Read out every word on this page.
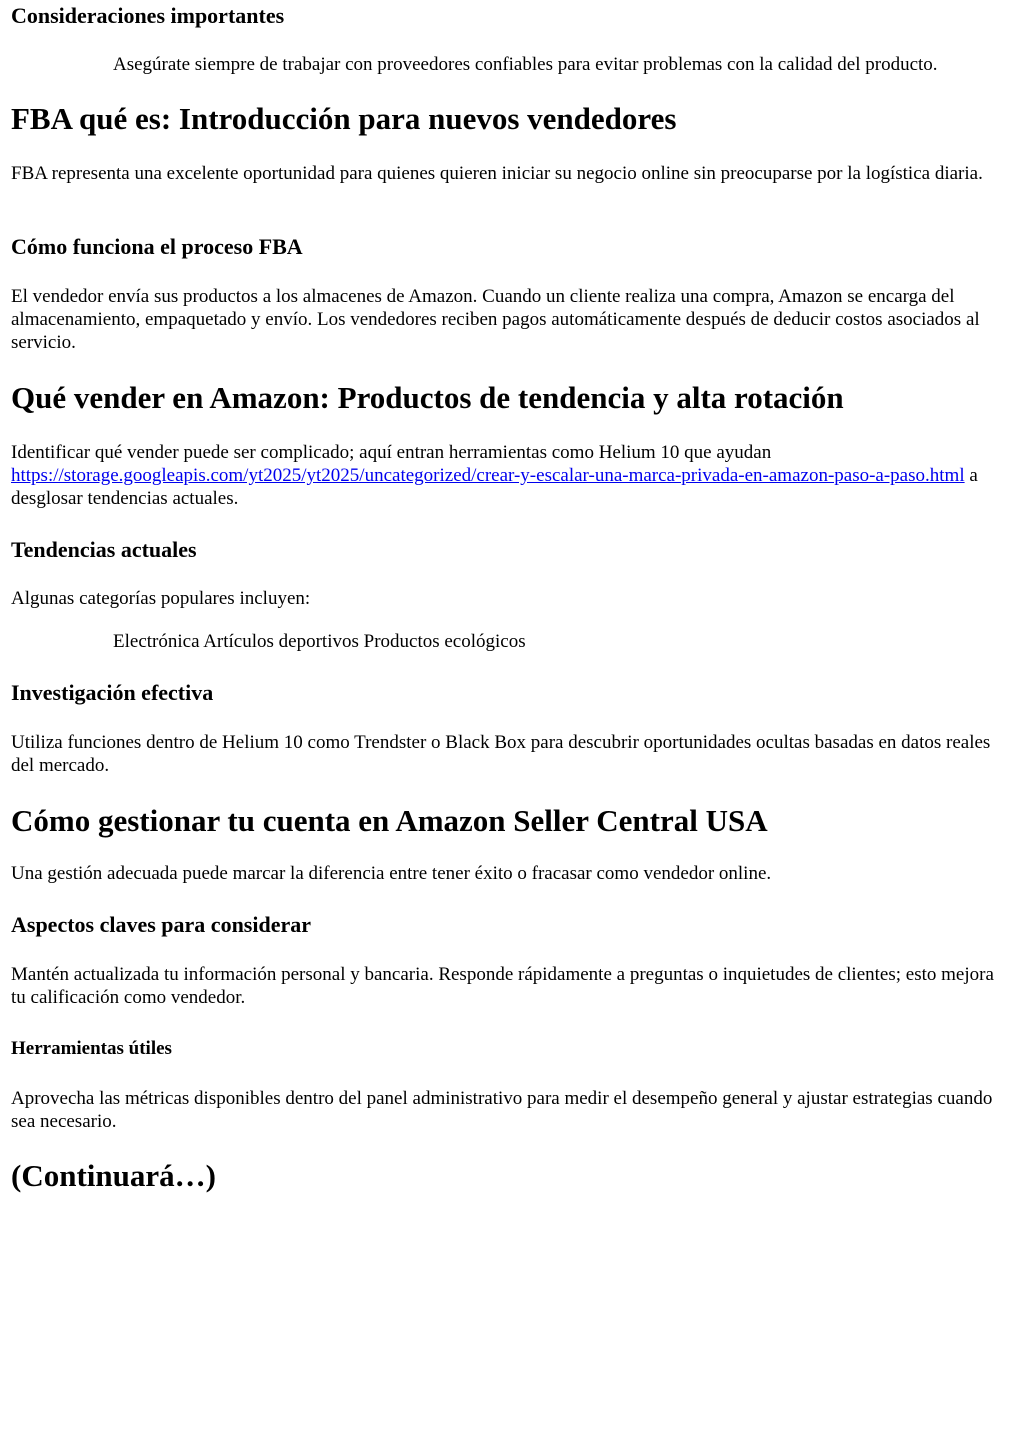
Consideraciones importantes
Asegúrate siempre de trabajar con proveedores confiables para evitar problemas con la calidad del producto.
FBA qué es: Introducción para nuevos vendedores

FBA representa una excelente oportunidad para quienes quieren iniciar su negocio online sin preocuparse por la logística diaria.

Cómo funciona el proceso FBA

El vendedor envía sus productos a los almacenes de Amazon. Cuando un cliente realiza una compra, Amazon se encarga del almacenamiento, empaquetado y envío. Los vendedores reciben pagos automáticamente después de deducir costos asociados al servicio.

Qué vender en Amazon: Productos de tendencia y alta rotación

Identificar qué vender puede ser complicado; aquí entran herramientas como Helium 10 que ayudan https://storage.googleapis.com/yt2025/yt2025/uncategorized/crear-y-escalar-una-marca-privada-en-amazon-paso-a-paso.html a desglosar tendencias actuales.

Tendencias actuales

Algunas categorías populares incluyen:

Electrónica Artículos deportivos Productos ecológicos
Investigación efectiva

Utiliza funciones dentro de Helium 10 como Trendster o Black Box para descubrir oportunidades ocultas basadas en datos reales del mercado.

Cómo gestionar tu cuenta en Amazon Seller Central USA

Una gestión adecuada puede marcar la diferencia entre tener éxito o fracasar como vendedor online.

Aspectos claves para considerar

Mantén actualizada tu información personal y bancaria. Responde rápidamente a preguntas o inquietudes de clientes; esto mejora tu calificación como vendedor.

Herramientas útiles

Aprovecha las métricas disponibles dentro del panel administrativo para medir el desempeño general y ajustar estrategias cuando sea necesario.

(Continuará…)
